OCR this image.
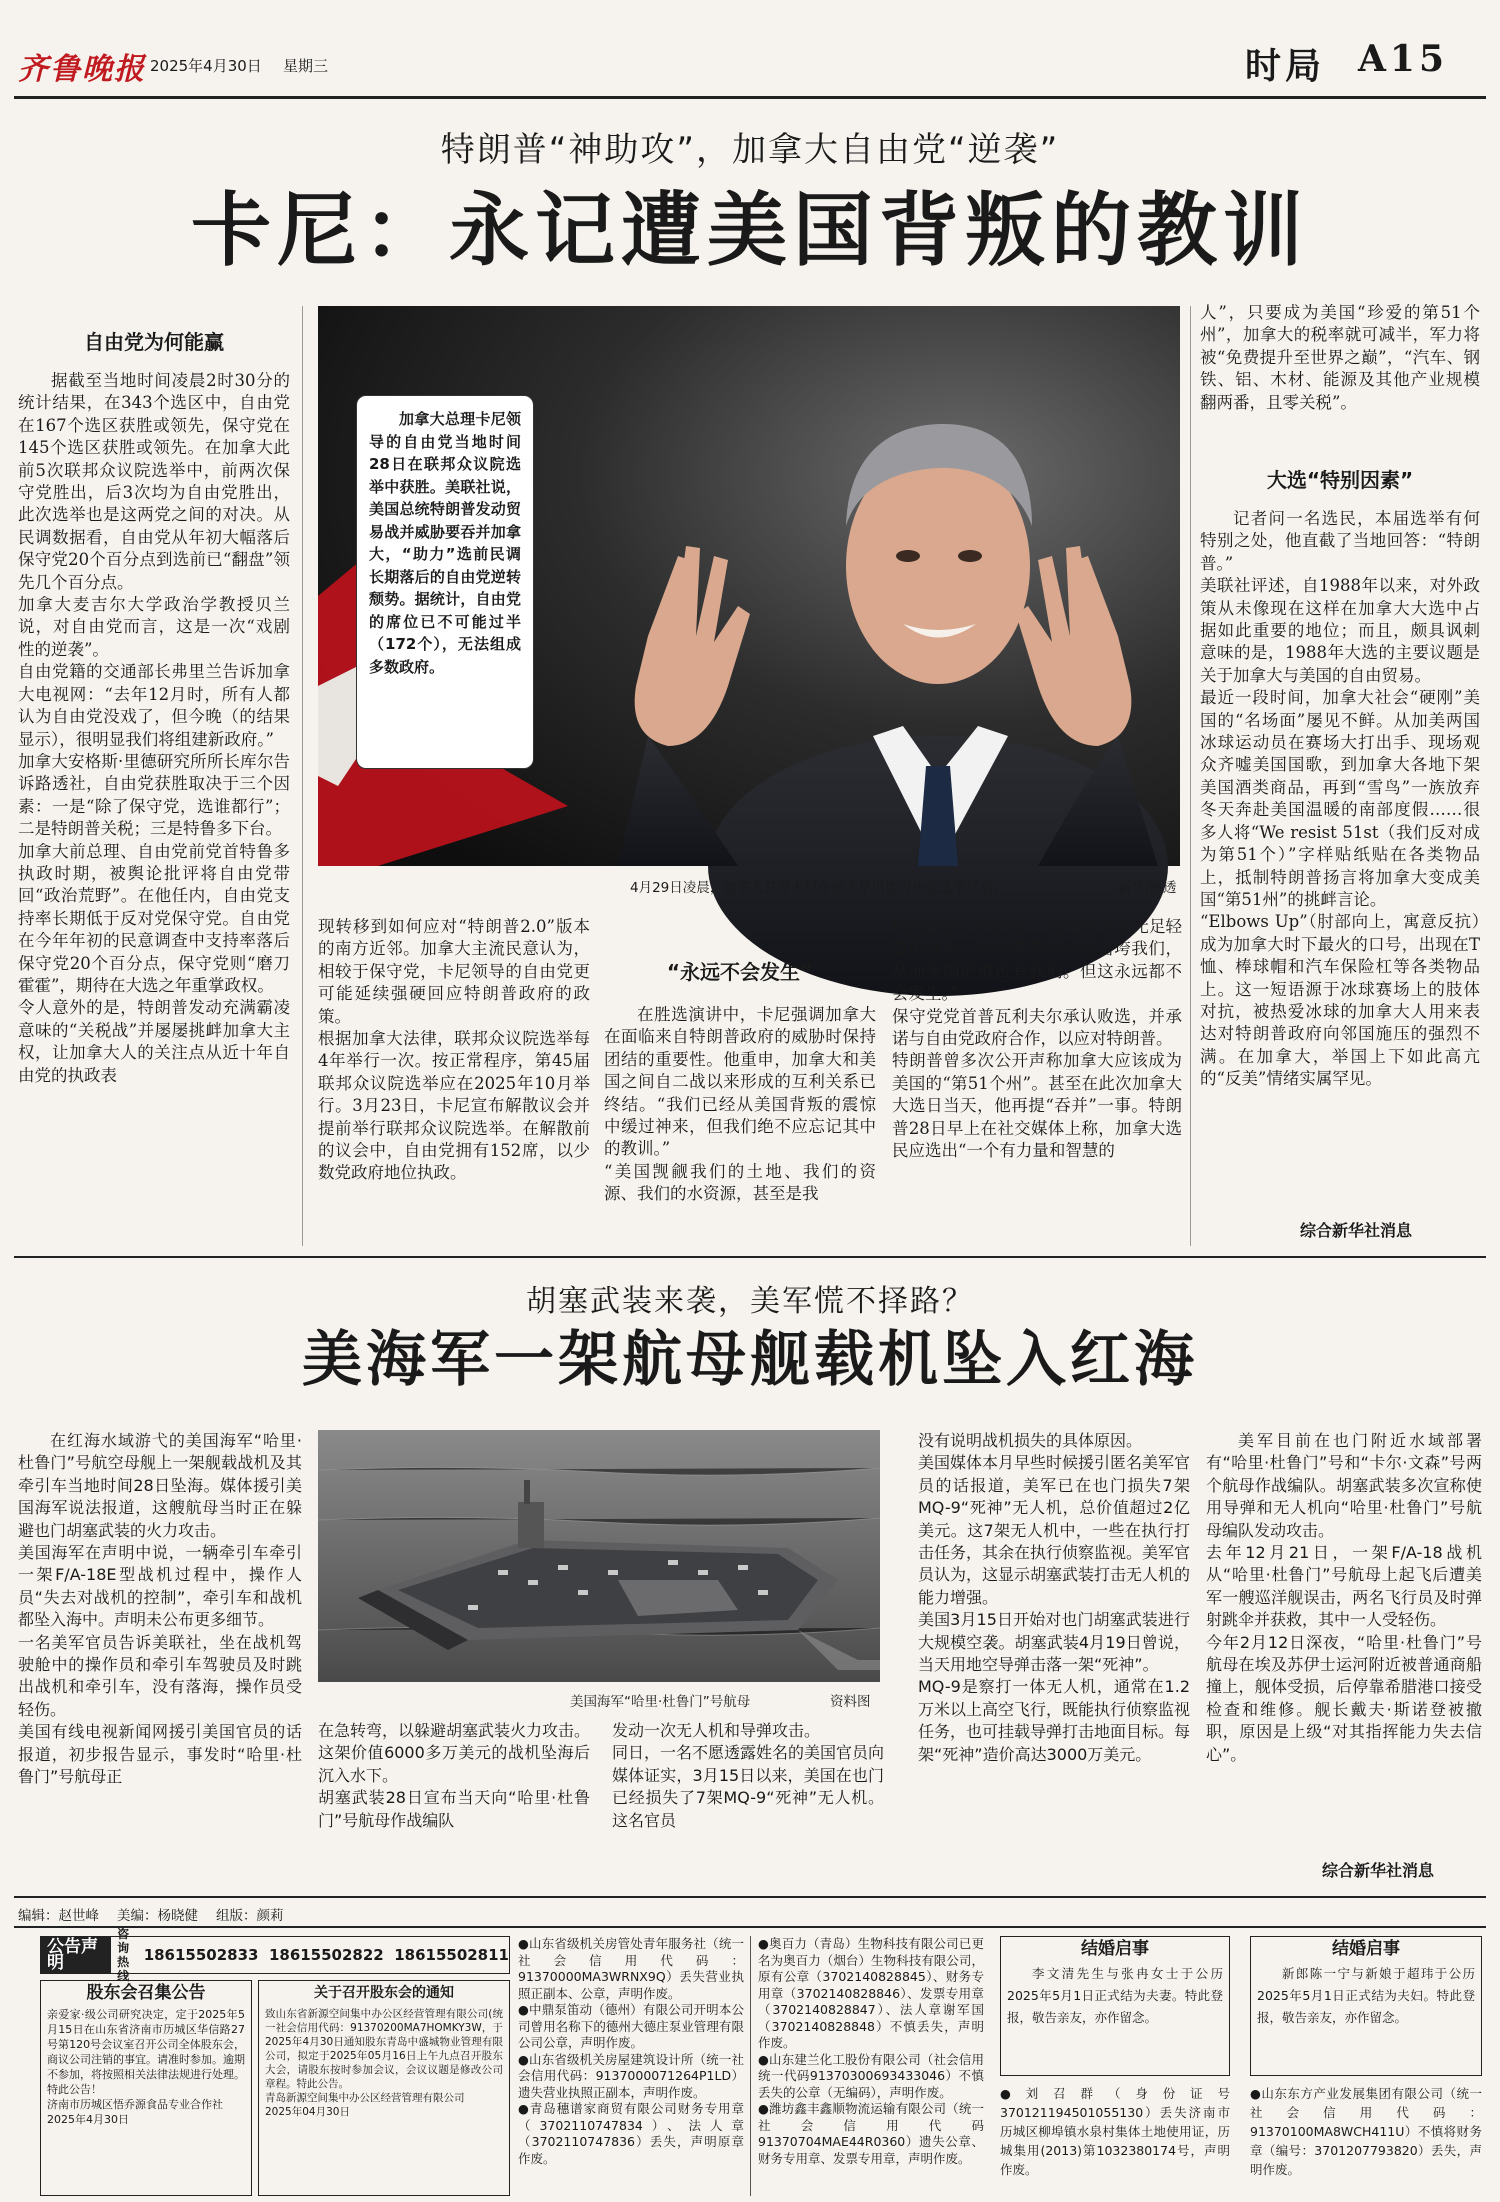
齐鲁晚报 2025年4月30日 星期三	时局 A15
特朗普“神助攻”，加拿大自由党“逆袭”
卡尼：永记遭美国背叛的教训
自由党为何能赢
据截至当地时间凌晨2时30分的统计结果，在343个选区中，自由党在167个选区获胜或领先，保守党在145个选区获胜或领先。在加拿大此前5次联邦众议院选举中，前两次保守党胜出，后3次均为自由党胜出，此次选举也是这两党之间的对决。从民调数据看，自由党从年初大幅落后保守党20个百分点到选前已“翻盘”领先几个百分点。
加拿大麦吉尔大学政治学教授贝兰说，对自由党而言，这是一次“戏剧性的逆袭”。
自由党籍的交通部长弗里兰告诉加拿大电视网：“去年12月时，所有人都认为自由党没戏了，但今晚（的结果显示），很明显我们将组建新政府。”
加拿大安格斯·里德研究所所长库尔告诉路透社，自由党获胜取决于三个因素：一是“除了保守党，选谁都行”；二是特朗普关税；三是特鲁多下台。
加拿大前总理、自由党前党首特鲁多执政时期，被舆论批评将自由党带回“政治荒野”。在他任内，自由党支持率长期低于反对党保守党。自由党在今年年初的民意调查中支持率落后保守党20个百分点，保守党则“磨刀霍霍”，期待在大选之年重掌政权。
令人意外的是，特朗普发动充满霸凌意味的“关税战”并屡屡挑衅加拿大主权，让加拿大人的关注点从近十年自由党的执政表
加拿大总理卡尼领导的自由党当地时间28日在联邦众议院选举中获胜。美联社说，美国总统特朗普发动贸易战并威胁要吞并加拿大，“助力”选前民调长期落后的自由党逆转颓势。据统计，自由党的席位已不可能过半（172个），无法组成多数政府。
4月29日凌晨，加拿大总理卡尼在渥太华出席自由党选举活动。	新华/路透
现转移到如何应对“特朗普2.0”版本的南方近邻。加拿大主流民意认为，相较于保守党，卡尼领导的自由党更可能延续强硬回应特朗普政府的政策。
根据加拿大法律，联邦众议院选举每4年举行一次。按正常程序，第45届联邦众议院选举应在2025年10月举行。3月23日，卡尼宣布解散议会并提前举行联邦众议院选举。在解散前的议会中，自由党拥有152席，以少数党政府地位执政。
“永远不会发生”
在胜选演讲中，卡尼强调加拿大在面临来自特朗普政府的威胁时保持团结的重要性。他重申，加拿大和美国之间自二战以来形成的互利关系已终结。“我们已经从美国背叛的震惊中缓过神来，但我们绝不应忘记其中的教训。”
“美国觊觎我们的土地、我们的资源、我们的水资源，甚至是我
们的国家。”卡尼说，“这些可不是无足轻重的威胁。特朗普总统试图击垮我们，从而美国能够占有我们。但这永远都不会发生。”
保守党党首普瓦利夫尔承认败选，并承诺与自由党政府合作，以应对特朗普。
特朗普曾多次公开声称加拿大应该成为美国的“第51个州”。甚至在此次加拿大大选日当天，他再提“吞并”一事。特朗普28日早上在社交媒体上称，加拿大选民应选出“一个有力量和智慧的
人”，只要成为美国“珍爱的第51个州”，加拿大的税率就可减半，军力将被“免费提升至世界之巅”，“汽车、钢铁、铝、木材、能源及其他产业规模翻两番，且零关税”。
大选“特别因素”
记者问一名选民，本届选举有何特别之处，他直截了当地回答：“特朗普。”
美联社评述，自1988年以来，对外政策从未像现在这样在加拿大大选中占据如此重要的地位；而且，颇具讽刺意味的是，1988年大选的主要议题是关于加拿大与美国的自由贸易。
最近一段时间，加拿大社会“硬刚”美国的“名场面”屡见不鲜。从加美两国冰球运动员在赛场大打出手、现场观众齐嘘美国国歌，到加拿大各地下架美国酒类商品，再到“雪鸟”一族放弃冬天奔赴美国温暖的南部度假……很多人将“We resist 51st（我们反对成为第51个）”字样贴纸贴在各类物品上，抵制特朗普扬言将加拿大变成美国“第51州”的挑衅言论。
“Elbows Up”（肘部向上，寓意反抗）成为加拿大时下最火的口号，出现在T恤、棒球帽和汽车保险杠等各类物品上。这一短语源于冰球赛场上的肢体对抗，被热爱冰球的加拿大人用来表达对特朗普政府向邻国施压的强烈不满。在加拿大，举国上下如此高亢的“反美”情绪实属罕见。
综合新华社消息
胡塞武装来袭，美军慌不择路？
美海军一架航母舰载机坠入红海
在红海水域游弋的美国海军“哈里·杜鲁门”号航空母舰上一架舰载战机及其牵引车当地时间28日坠海。媒体援引美国海军说法报道，这艘航母当时正在躲避也门胡塞武装的火力攻击。
美国海军在声明中说，一辆牵引车牵引一架F/A-18E型战机过程中，操作人员“失去对战机的控制”，牵引车和战机都坠入海中。声明未公布更多细节。
一名美军官员告诉美联社，坐在战机驾驶舱中的操作员和牵引车驾驶员及时跳出战机和牵引车，没有落海，操作员受轻伤。
美国有线电视新闻网援引美国官员的话报道，初步报告显示，事发时“哈里·杜鲁门”号航母正
美国海军“哈里·杜鲁门”号航母	资料图
在急转弯，以躲避胡塞武装火力攻击。这架价值6000多万美元的战机坠海后沉入水下。
胡塞武装28日宣布当天向“哈里·杜鲁门”号航母作战编队
发动一次无人机和导弹攻击。
同日，一名不愿透露姓名的美国官员向媒体证实，3月15日以来，美国在也门已经损失了7架MQ-9“死神”无人机。这名官员
没有说明战机损失的具体原因。
美国媒体本月早些时候援引匿名美军官员的话报道，美军已在也门损失7架MQ-9“死神”无人机，总价值超过2亿美元。这7架无人机中，一些在执行打击任务，其余在执行侦察监视。美军官员认为，这显示胡塞武装打击无人机的能力增强。
美国3月15日开始对也门胡塞武装进行大规模空袭。胡塞武装4月19日曾说，当天用地空导弹击落一架“死神”。
MQ-9是察打一体无人机，通常在1.2万米以上高空飞行，既能执行侦察监视任务，也可挂载导弹打击地面目标。每架“死神”造价高达3000万美元。
美军目前在也门附近水域部署有“哈里·杜鲁门”号和“卡尔·文森”号两个航母作战编队。胡塞武装多次宣称使用导弹和无人机向“哈里·杜鲁门”号航母编队发动攻击。
去年12月21日，一架F/A-18战机从“哈里·杜鲁门”号航母上起飞后遭美军一艘巡洋舰误击，两名飞行员及时弹射跳伞并获救，其中一人受轻伤。
今年2月12日深夜，“哈里·杜鲁门”号航母在埃及苏伊士运河附近被普通商船撞上，舰体受损，后停靠希腊港口接受检查和维修。舰长戴夫·斯诺登被撤职，原因是上级“对其指挥能力失去信心”。
综合新华社消息
编辑：赵世峰 美编：杨晓健 组版：颜莉
公告声明
咨询
热线
18615502833  18615502822  18615502811
股东会召集公告
亲爱家·级公司研究决定，定于2025年5月15日在山东省济南市历城区华信路27号第120号会议室召开公司全体股东会，商议公司注销的事宜。请准时参加。逾期不参加，将按照相关法律法规进行处理。特此公告！
济南市历城区悟乔源食品专业合作社
2025年4月30日
关于召开股东会的通知
致山东省新源空间集中办公区经营管理有限公司(统一社会信用代码：91370200MA7HOMKY3W，于2025年4月30日通知股东青岛中盛城物业管理有限公司，拟定于2025年05月16日上午九点召开股东大会，请股东按时参加会议，会议议题是修改公司章程。特此公告。
青岛新源空间集中办公区经营管理有限公司
2025年04月30日
●山东省级机关房管处青年服务社（统一社会信用代码：91370000MA3WRNX9Q）丢失营业执照正副本、公章，声明作废。
●中鼎泵笛动（德州）有限公司开明本公司曾用名称下的德州大德庄泵业管理有限公司公章，声明作废。
●山东省级机关房屋建筑设计所（统一社会信用代码：9137000071264P1LD）遗失营业执照正副本，声明作废。
●青岛穗谱家商贸有限公司财务专用章（3702110747834）、法人章（3702110747836）丢失，声明原章作废。
●奥百力（青岛）生物科技有限公司已更名为奥百力（烟台）生物科技有限公司，原有公章（3702140828845）、财务专用章（3702140828846）、发票专用章（3702140828847）、法人章谢军国（3702140828848）不慎丢失，声明作废。
●山东建兰化工股份有限公司（社会信用统一代码91370300693433046）不慎丢失的公章（无编码），声明作废。
●潍坊鑫丰鑫顺物流运输有限公司（统一社会信用代码91370704MAE44R0360）遗失公章、财务专用章、发票专用章，声明作废。
结婚启事
李文清先生与张冉女士于公历2025年5月1日正式结为夫妻。特此登报，敬告亲友，亦作留念。
●刘召群（身份证号370121194501055130）丢失济南市历城区柳埠镇水泉村集体土地使用证，历城集用(2013)第1032380174号，声明作废。
结婚启事
新郎陈一宁与新娘于超玮于公历2025年5月1日正式结为夫妇。特此登报，敬告亲友，亦作留念。
●山东东方产业发展集团有限公司（统一社会信用代码：91370100MA8WCH411U）不慎将财务章（编号：3701207793820）丢失，声明作废。
